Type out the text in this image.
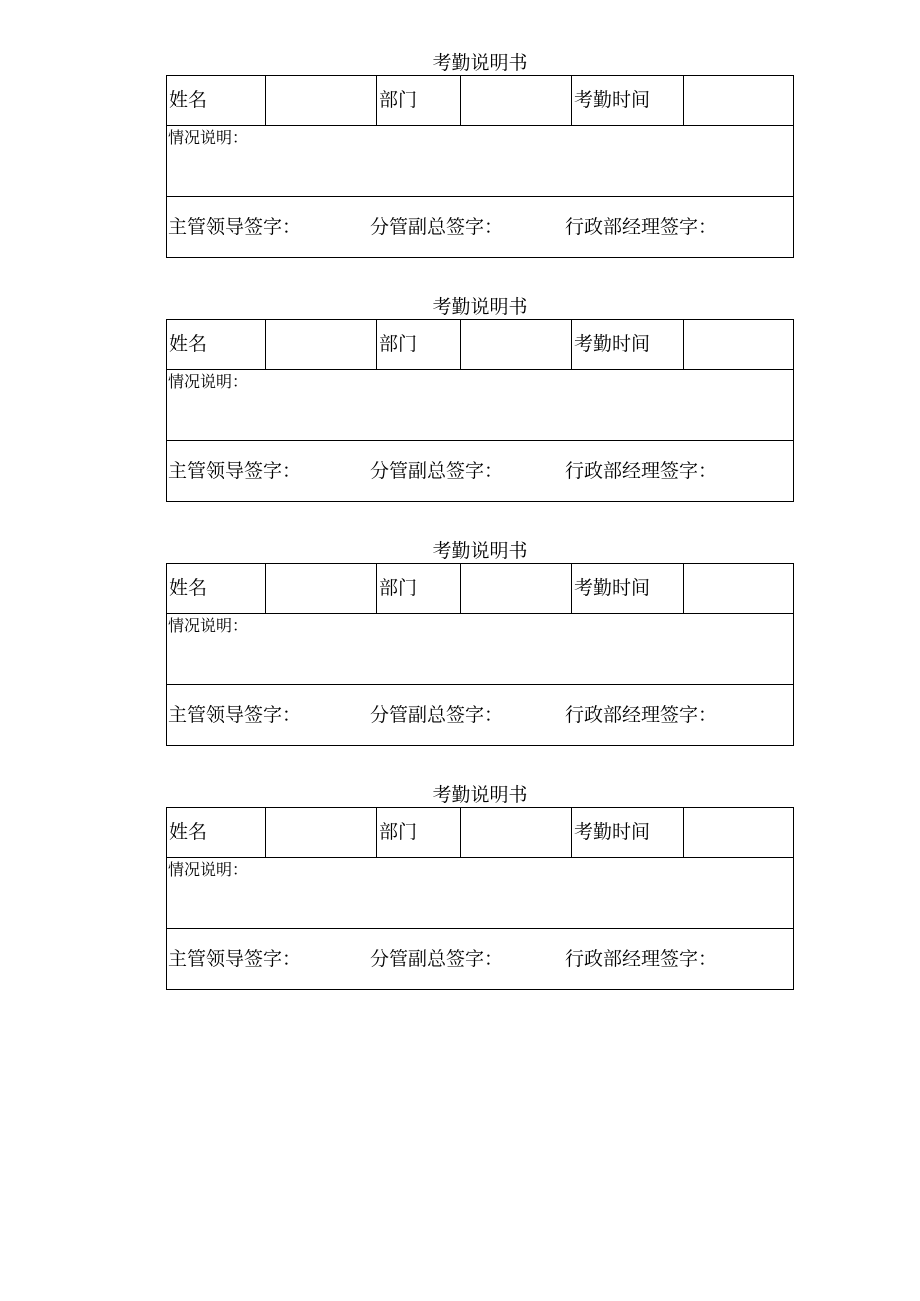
考勤说明书
姓名	部门	考勤时间
情况说明：
主管领导签字：	分管副总签字：	行政部经理签字：
考勤说明书
姓名	部门	考勤时间
情况说明：
主管领导签字：	分管副总签字：	行政部经理签字：
考勤说明书
姓名	部门	考勤时间
情况说明：
主管领导签字：	分管副总签字：	行政部经理签字：
考勤说明书
姓名	部门	考勤时间
情况说明：
主管领导签字：	分管副总签字：	行政部经理签字：
